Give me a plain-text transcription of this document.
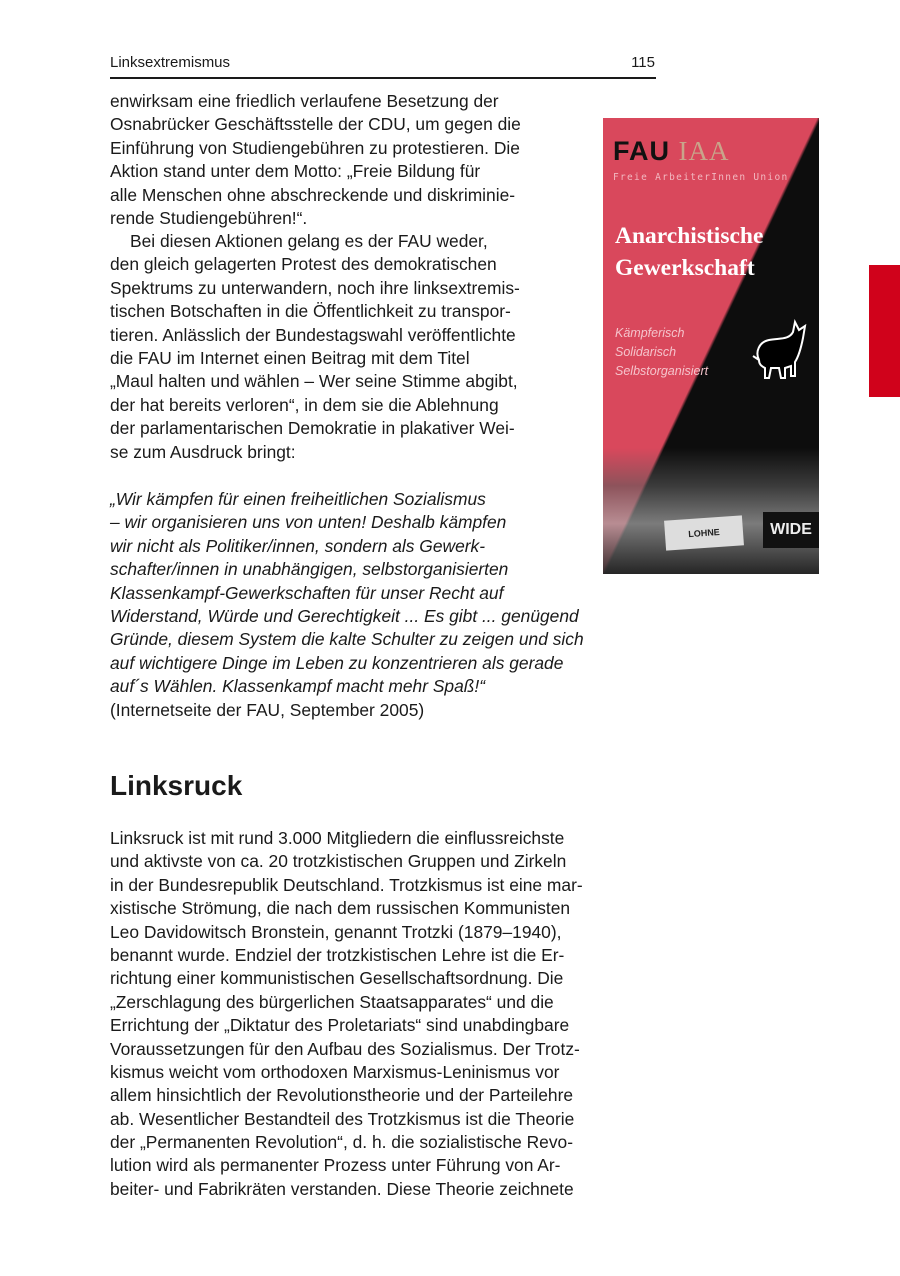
Linksextremismus	115
enwirksam eine friedlich verlaufene Besetzung der
Osnabrücker Geschäftsstelle der CDU, um gegen die
Einführung von Studiengebühren zu protestieren. Die
Aktion stand unter dem Motto: „Freie Bildung für
alle Menschen ohne abschreckende und diskriminie-
rende Studiengebühren!“.
Bei diesen Aktionen gelang es der FAU weder,
den gleich gelagerten Protest des demokratischen
Spektrums zu unterwandern, noch ihre linksextremis-
tischen Botschaften in die Öffentlichkeit zu transpor-
tieren. Anlässlich der Bundestagswahl veröffentlichte
die FAU im Internet einen Beitrag mit dem Titel
„Maul halten und wählen – Wer seine Stimme abgibt,
der hat bereits verloren“, in dem sie die Ablehnung
der parlamentarischen Demokratie in plakativer Wei-
se zum Ausdruck bringt:
„Wir kämpfen für einen freiheitlichen Sozialismus
– wir organisieren uns von unten! Deshalb kämpfen
wir nicht als Politiker/innen, sondern als Gewerk-
schafter/innen in unabhängigen, selbstorganisierten
Klassenkampf-Gewerkschaften für unser Recht auf
Widerstand, Würde und Gerechtigkeit ... Es gibt ... genügend
Gründe, diesem System die kalte Schulter zu zeigen und sich
auf wichtigere Dinge im Leben zu konzentrieren als gerade
auf´s Wählen. Klassenkampf macht mehr Spaß!“
(Internetseite der FAU, September 2005)
Linksruck
Linksruck ist mit rund 3.000 Mitgliedern die einflussreichste
und aktivste von ca. 20 trotzkistischen Gruppen und Zirkeln
in der Bundesrepublik Deutschland. Trotzkismus ist eine mar-
xistische Strömung, die nach dem russischen Kommunisten
Leo Davidowitsch Bronstein, genannt Trotzki (1879–1940),
benannt wurde. Endziel der trotzkistischen Lehre ist die Er-
richtung einer kommunistischen Gesellschaftsordnung. Die
„Zerschlagung des bürgerlichen Staatsapparates“ und die
Errichtung der „Diktatur des Proletariats“ sind unabdingbare
Voraussetzungen für den Aufbau des Sozialismus. Der Trotz-
kismus weicht vom orthodoxen Marxismus-Leninismus vor
allem hinsichtlich der Revolutionstheorie und der Parteilehre
ab. Wesentlicher Bestandteil des Trotzkismus ist die Theorie
der „Permanenten Revolution“, d. h. die sozialistische Revo-
lution wird als permanenter Prozess unter Führung von Ar-
beiter- und Fabrikräten verstanden. Diese Theorie zeichnete
FAU IAA
Freie ArbeiterInnen Union
Anarchistische
Gewerkschaft
Kämpferisch
Solidarisch
Selbstorganisiert
LOHNE	WIDE
